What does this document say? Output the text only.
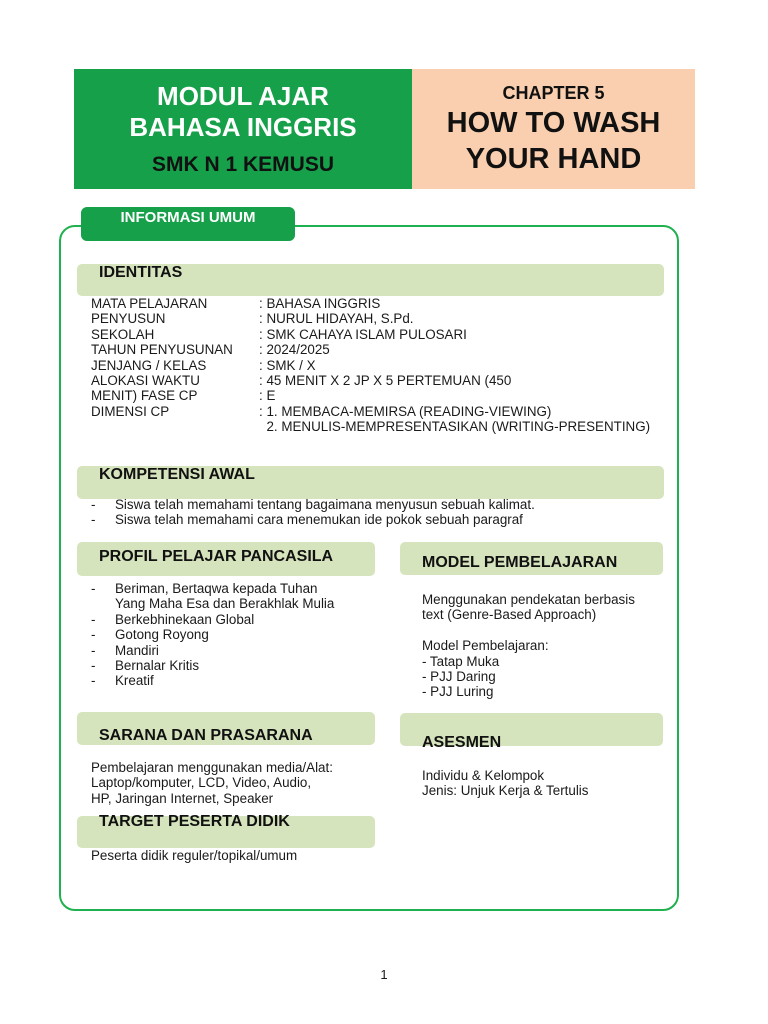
MODUL AJAR
BAHASA INGGRIS
SMK N 1 KEMUSU
CHAPTER 5
HOW TO WASH
YOUR HAND
INFORMASI UMUM
IDENTITAS
MATA PELAJARAN	: BAHASA INGGRIS
PENYUSUN	: NURUL HIDAYAH, S.Pd.
SEKOLAH	: SMK CAHAYA ISLAM PULOSARI
TAHUN PENYUSUNAN	: 2024/2025
JENJANG / KELAS	: SMK / X
ALOKASI WAKTU	: 45 MENIT X 2 JP X 5 PERTEMUAN (450
MENIT) FASE CP	: E
DIMENSI CP	: 1. MEMBACA-MEMIRSA (READING-VIEWING)
2. MENULIS-MEMPRESENTASIKAN (WRITING-PRESENTING)
KOMPETENSI AWAL
-	Siswa telah memahami tentang bagaimana menyusun sebuah kalimat.
-	Siswa telah memahami cara menemukan ide pokok sebuah paragraf
PROFIL PELAJAR PANCASILA
-	Beriman, Bertaqwa kepada Tuhan Yang Maha Esa dan Berakhlak Mulia
-	Berkebhinekaan Global
-	Gotong Royong
-	Mandiri
-	Bernalar Kritis
-	Kreatif
MODEL PEMBELAJARAN
Menggunakan pendekatan berbasis
text (Genre-Based Approach)
Model Pembelajaran:
- Tatap Muka
- PJJ Daring
- PJJ Luring
SARANA DAN PRASARANA
Pembelajaran menggunakan media/Alat:
Laptop/komputer, LCD, Video, Audio,
HP, Jaringan Internet, Speaker
ASESMEN
Individu & Kelompok
Jenis: Unjuk Kerja & Tertulis
TARGET PESERTA DIDIK
Peserta didik reguler/topikal/umum
1
